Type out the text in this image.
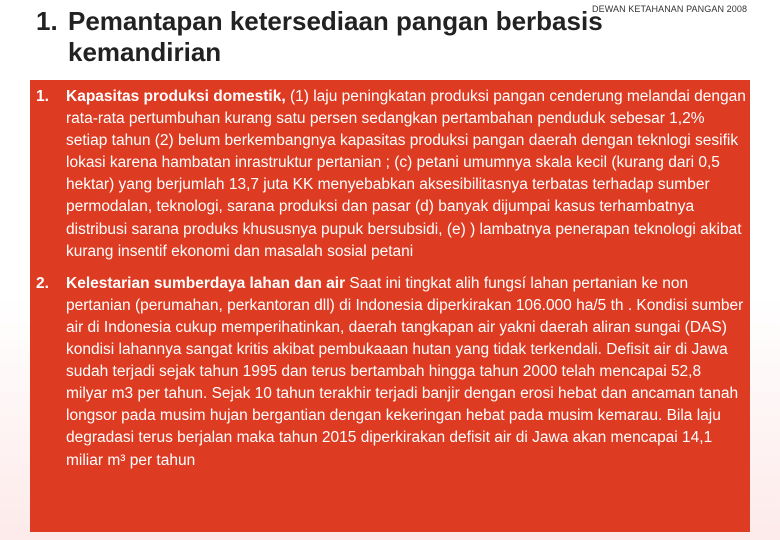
DEWAN KETAHANAN PANGAN 2008
1. Pemantapan ketersediaan pangan berbasis
kemandirian
1.	Kapasitas produksi domestik, (1) laju peningkatan produksi pangan cenderung melandai dengan rata-rata pertumbuhan kurang satu persen sedangkan pertambahan penduduk sebesar 1,2% setiap tahun (2) belum berkembangnya kapasitas produksi pangan daerah dengan teknlogi sesifik lokasi karena hambatan inrastruktur pertanian ; (c) petani umumnya skala kecil (kurang dari 0,5 hektar) yang berjumlah 13,7 juta KK menyebabkan aksesibilitasnya terbatas terhadap sumber permodalan, teknologi, sarana produksi dan pasar (d) banyak dijumpai kasus terhambatnya distribusi sarana produks khususnya pupuk bersubsidi, (e) ) lambatnya penerapan teknologi akibat kurang insentif ekonomi dan masalah sosial petani
2.	Kelestarian sumberdaya lahan dan air Saat ini tingkat alih fungsí lahan pertanian ke non pertanian (perumahan, perkantoran dll) di Indonesia diperkirakan 106.000 ha/5 th . Kondisi sumber air di Indonesia cukup memperihatinkan, daerah tangkapan air yakni daerah aliran sungai (DAS) kondisi lahannya sangat kritis akibat pembukaaan hutan yang tidak terkendali. Defisit air di Jawa sudah terjadi sejak tahun 1995 dan terus bertambah hingga tahun 2000 telah mencapai 52,8 milyar m3 per tahun. Sejak 10 tahun terakhir terjadi banjir dengan erosi hebat dan ancaman tanah longsor pada musim hujan bergantian dengan kekeringan hebat pada musim kemarau. Bila laju degradasi terus berjalan maka tahun 2015 diperkirakan defisit air di Jawa akan mencapai 14,1 miliar m³ per tahun
